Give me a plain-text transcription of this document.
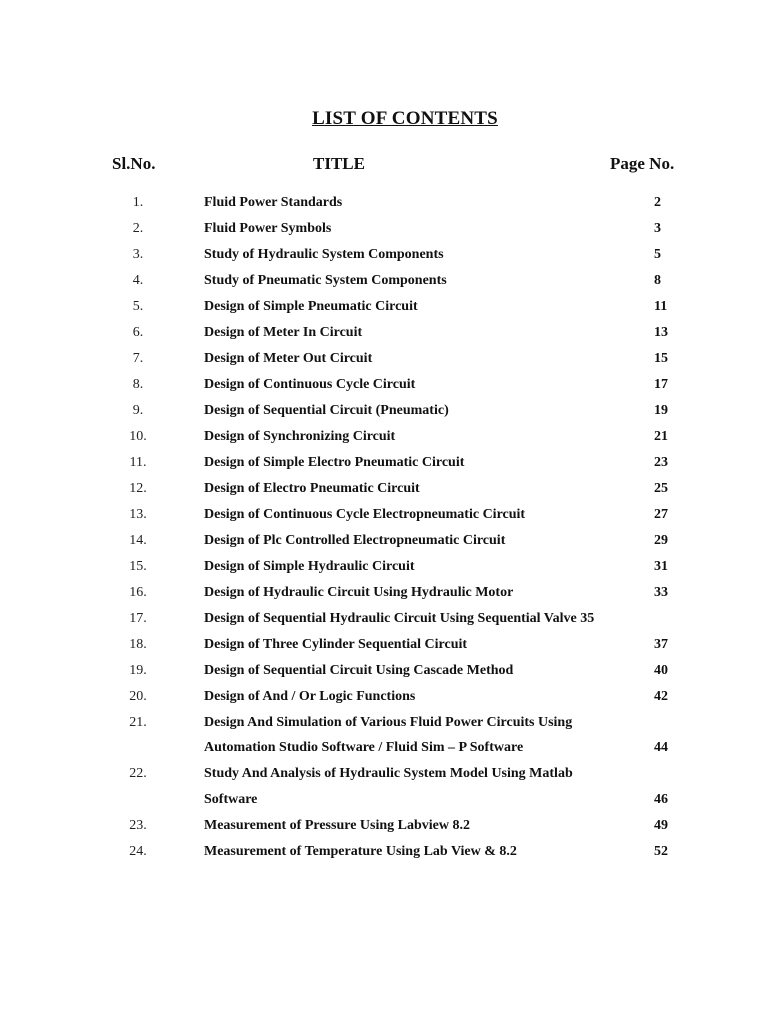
LIST OF CONTENTS
Sl.No.	TITLE	Page No.
1.	Fluid Power Standards	2
2.	Fluid Power Symbols	3
3.	Study of Hydraulic System Components	5
4.	Study of Pneumatic System Components	8
5.	Design of Simple Pneumatic Circuit	11
6.	Design of Meter In Circuit	13
7.	Design of Meter Out Circuit	15
8.	Design of Continuous Cycle Circuit	17
9.	Design of Sequential Circuit (Pneumatic)	19
10.	Design of Synchronizing Circuit	21
11.	Design of Simple Electro Pneumatic Circuit	23
12.	Design of Electro Pneumatic Circuit	25
13.	Design of Continuous Cycle Electropneumatic Circuit	27
14.	Design of Plc Controlled Electropneumatic Circuit	29
15.	Design of Simple Hydraulic Circuit	31
16.	Design of Hydraulic Circuit Using Hydraulic Motor	33
17.	Design of Sequential Hydraulic Circuit Using Sequential Valve 35
18.	Design of Three Cylinder Sequential Circuit	37
19.	Design of Sequential Circuit Using Cascade Method	40
20.	Design of And / Or Logic Functions	42
21.	Design And Simulation of Various Fluid Power Circuits Using
Automation Studio Software / Fluid Sim – P Software	44
22.	Study And Analysis of Hydraulic System Model Using Matlab
Software	46
23.	Measurement of Pressure Using Labview 8.2	49
24.	Measurement of Temperature Using Lab View & 8.2	52
